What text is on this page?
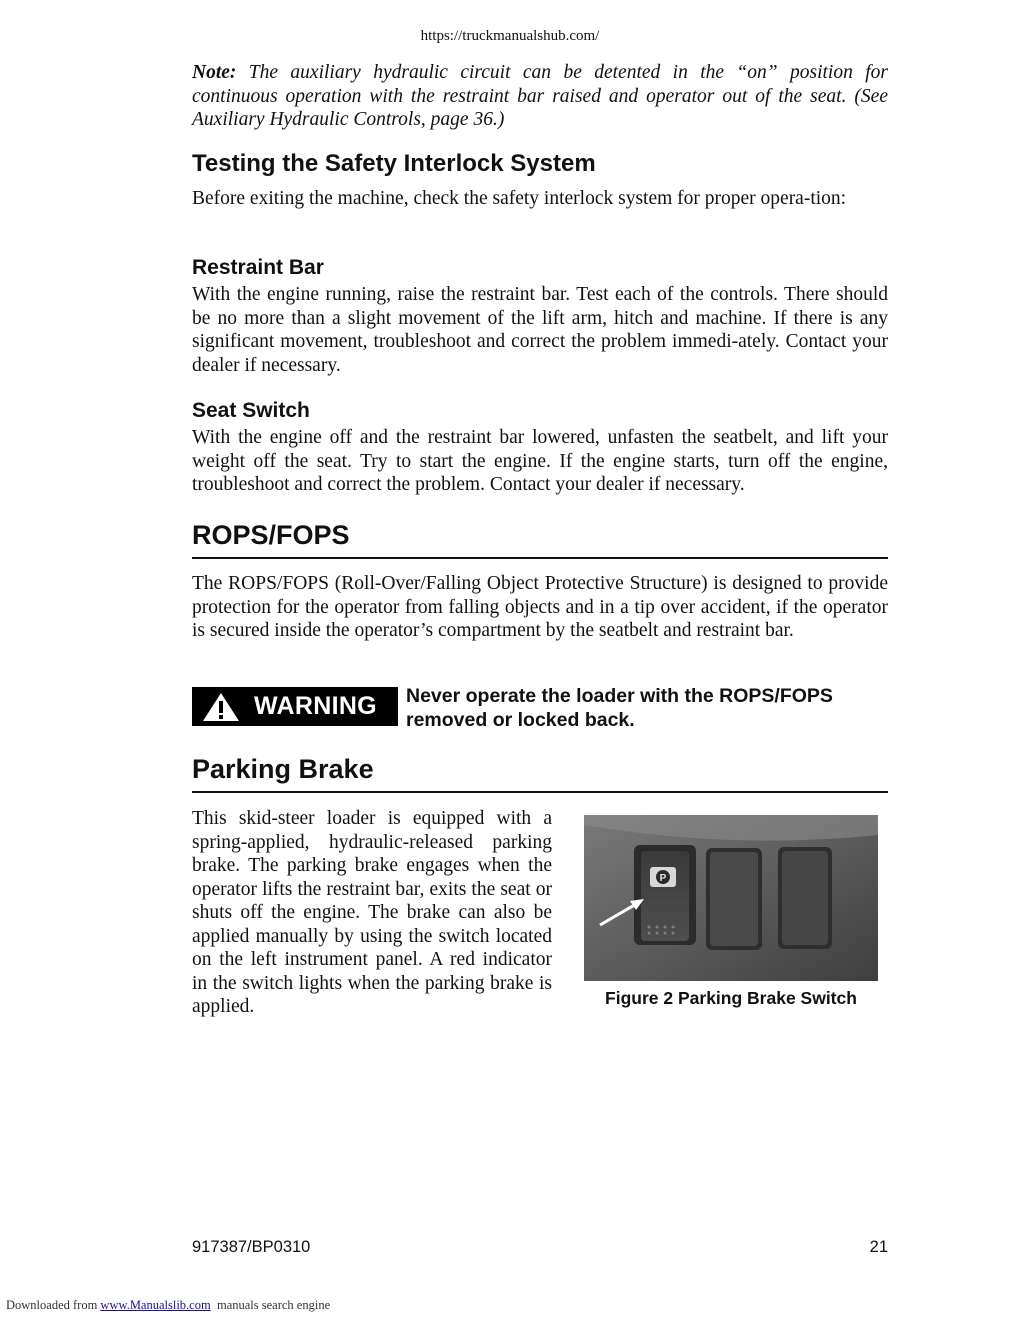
https://truckmanualshub.com/
Note: The auxiliary hydraulic circuit can be detented in the “on” position for continuous operation with the restraint bar raised and operator out of the seat. (See Auxiliary Hydraulic Controls, page 36.)
Testing the Safety Interlock System
Before exiting the machine, check the safety interlock system for proper opera-tion:
Restraint Bar
With the engine running, raise the restraint bar. Test each of the controls. There should be no more than a slight movement of the lift arm, hitch and machine. If there is any significant movement, troubleshoot and correct the problem immedi-ately. Contact your dealer if necessary.
Seat Switch
With the engine off and the restraint bar lowered, unfasten the seatbelt, and lift your weight off the seat. Try to start the engine. If the engine starts, turn off the engine, troubleshoot and correct the problem. Contact your dealer if necessary.
ROPS/FOPS
The ROPS/FOPS (Roll-Over/Falling Object Protective Structure) is designed to provide protection for the operator from falling objects and in a tip over accident, if the operator is secured inside the operator’s compartment by the seatbelt and restraint bar.
WARNING Never operate the loader with the ROPS/FOPS removed or locked back.
Parking Brake
This skid-steer loader is equipped with a spring-applied, hydraulic-released parking brake. The parking brake engages when the operator lifts the restraint bar, exits the seat or shuts off the engine. The brake can also be applied manually by using the switch located on the left instrument panel. A red indicator in the switch lights when the parking brake is applied.
P
Figure 2 Parking Brake Switch
917387/BP0310	21
Downloaded from www.Manualslib.com manuals search engine
